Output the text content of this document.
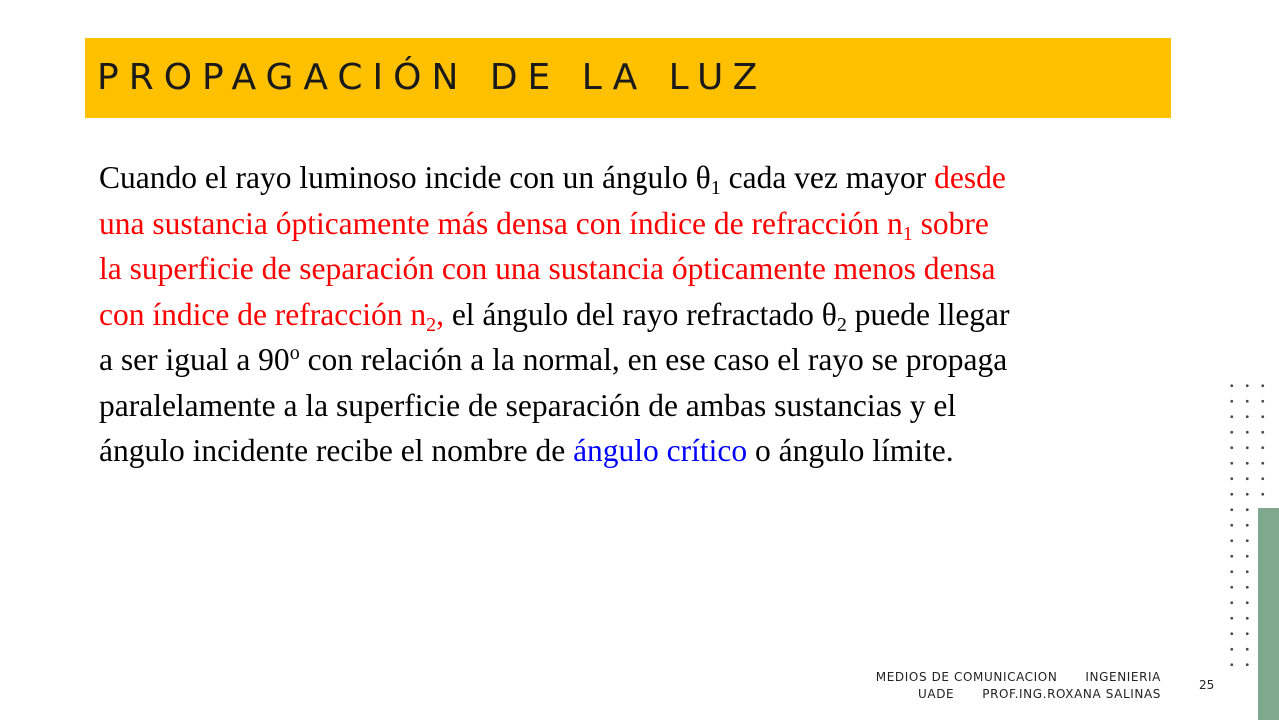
PROPAGACIÓN DE LA LUZ
Cuando el rayo luminoso incide con un ángulo $\theta_1$ cada vez mayor desde una sustancia ópticamente más densa con índice de refracción $n_1$ sobre la superficie de separación con una sustancia ópticamente menos densa con índice de refracción $n_2$, el ángulo del rayo refractado $\theta_2$ puede llegar a ser igual a 90$^o$ con relación a la normal, en ese caso el rayo se propaga paralelamente a la superficie de separación de ambas sustancias y el ángulo incidente recibe el nombre de ángulo crítico o ángulo límite.
MEDIOS DE COMUNICACION INGENIERIA
UADE PROF.ING.ROXANA SALINAS
25
